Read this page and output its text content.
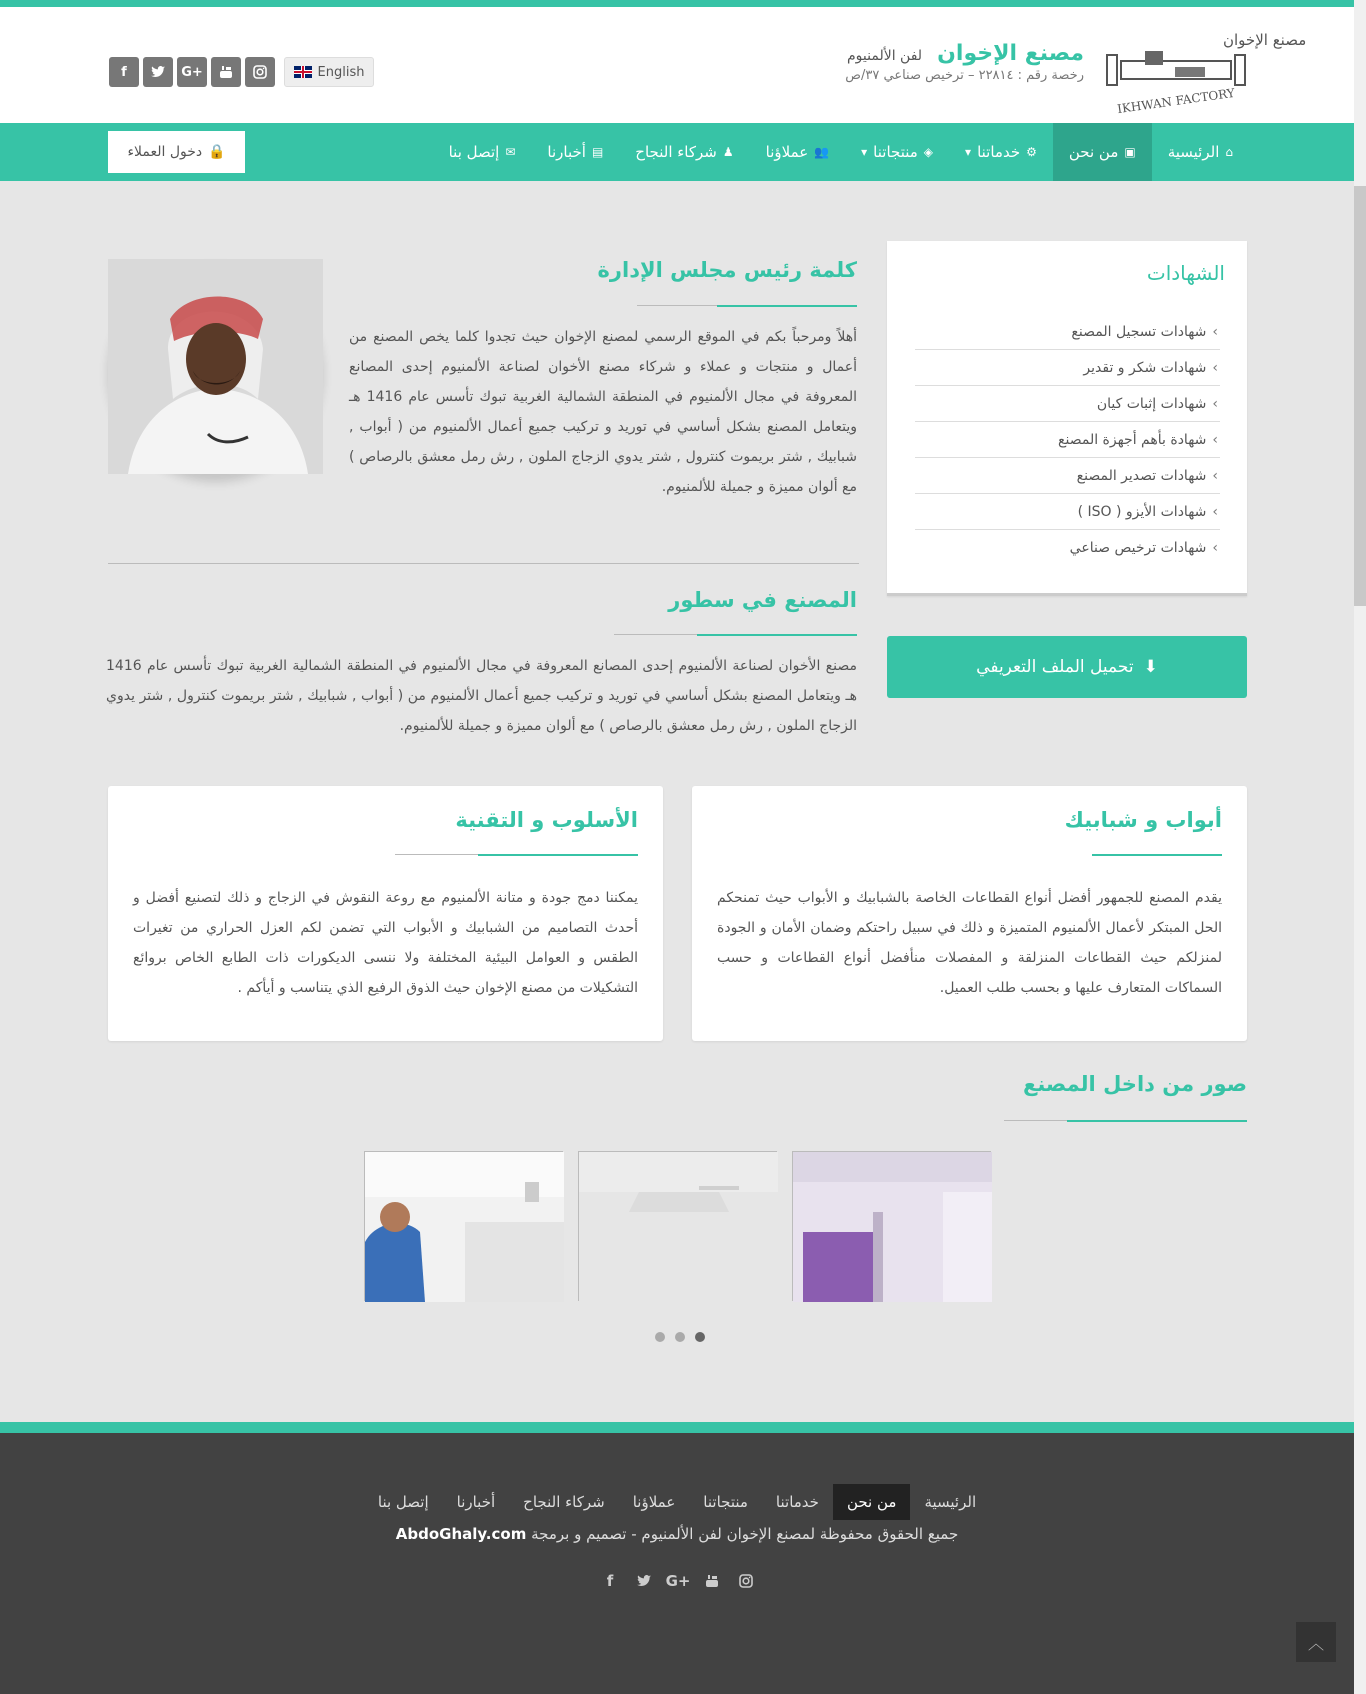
مصنع الإخوان
IKHWAN FACTORY
مصنع الإخوان لفن الألمنيوم
رخصة رقم : ٢٢٨١٤ – ترخيص صناعي ٣٧/ص
English
f	G+
⌂
الرئيسية
▣
من نحن
⚙
خدماتنا
▾
◈
منتجاتنا
▾
👥
عملاؤنا
♟
شركاء النجاح
▤
أخبارنا
✉
إتصل بنا
🔒
دخول العملاء
الشهادات
›
شهادات تسجيل المصنع
›
شهادات شكر و تقدير
›
شهادات إثبات كيان
›
شهادة بأهم أجهزة المصنع
›
شهادات تصدير المصنع
›
شهادات الأيزو ( ISO )
›
شهادات ترخيص صناعي
⬇
تحميل الملف التعريفي
كلمة رئيس مجلس الإدارة
أهلاً ومرحباً بكم في الموقع الرسمي لمصنع الإخوان حيث تجدوا كلما يخص المصنع من أعمال و منتجات و عملاء و شركاء مصنع الأخوان لصناعة الألمنيوم إحدى المصانع المعروفة في مجال الألمنيوم في المنطقة الشمالية الغربية تبوك تأسس عام 1416 هـ ويتعامل المصنع بشكل أساسي في توريد و تركيب جميع أعمال الألمنيوم من ( أبواب , شبابيك , شتر بريموت كنترول , شتر يدوي الزجاج الملون , رش رمل معشق بالرصاص ) مع ألوان مميزة و جميلة للألمنيوم.
المصنع في سطور
مصنع الأخوان لصناعة الألمنيوم إحدى المصانع المعروفة في مجال الألمنيوم في المنطقة الشمالية الغربية تبوك تأسس عام 1416 هـ ويتعامل المصنع بشكل أساسي في توريد و تركيب جميع أعمال الألمنيوم من ( أبواب , شبابيك , شتر بريموت كنترول , شتر يدوي الزجاج الملون , رش رمل معشق بالرصاص ) مع ألوان مميزة و جميلة للألمنيوم.
أبواب و شبابيك
يقدم المصنع للجمهور أفضل أنواع القطاعات الخاصة بالشبابيك و الأبواب حيث تمنحكم الحل المبتكر لأعمال الألمنيوم المتميزة و ذلك في سبيل راحتكم وضمان الأمان و الجودة لمنزلكم حيث القطاعات المنزلقة و المفصلات منأفضل أنواع القطاعات و حسب السماكات المتعارف عليها و بحسب طلب العميل.
الأسلوب و التقنية
يمكننا دمج جودة و متانة الألمنيوم مع روعة النقوش في الزجاج و ذلك لتصنيع أفضل و أحدث التصاميم من الشبابيك و الأبواب التي تضمن لكم العزل الحراري من تغيرات الطقس و العوامل البيئية المختلفة ولا ننسى الديكورات ذات الطابع الخاص بروائع التشكيلات من مصنع الإخوان حيث الذوق الرفيع الذي يتناسب و أيأكم .
صور من داخل المصنع
الرئيسية
من نحن
خدماتنا
منتجاتنا
عملاؤنا
شركاء النجاح
أخبارنا
إتصل بنا
جميع الحقوق محفوظة لمصنع الإخوان لفن الألمنيوم - تصميم و برمجة AbdoGhaly.com
f	G+
︿
